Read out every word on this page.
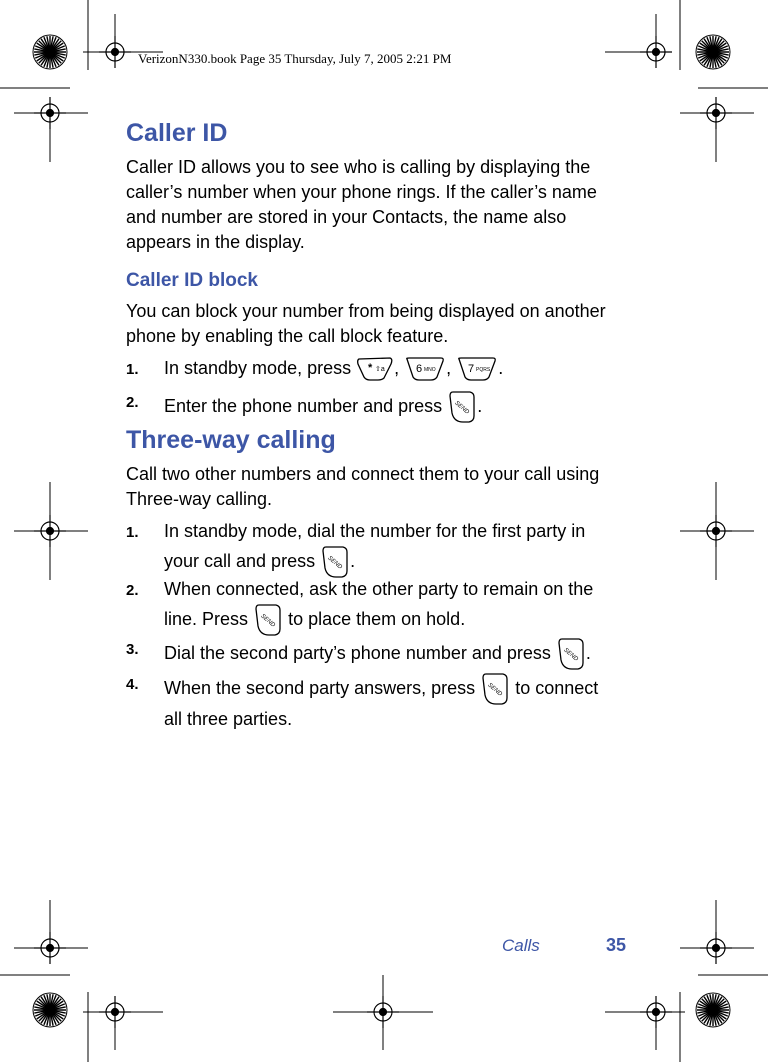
VerizonN330.book Page 35 Thursday, July 7, 2005 2:21 PM
Caller ID

Caller ID allows you to see who is calling by displaying the
caller’s number when your phone rings. If the caller’s name
and number are stored in your Contacts, the name also
appears in the display.

Caller ID block

You can block your number from being displayed on another
phone by enabling the call block feature.

1. In standby mode, press * ⇧a , 6 MNO , 7 PQRS .
2. Enter the phone number and press SEND .
Three-way calling

Call two other numbers and connect them to your call using
Three-way calling.

1. In standby mode, dial the number for the first party in
your call and press SEND .
2. When connected, ask the other party to remain on the
line. Press SEND to place them on hold.
3. Dial the second party’s phone number and press SEND .
4. When the second party answers, press SEND to connect
all three parties.
Calls	35
